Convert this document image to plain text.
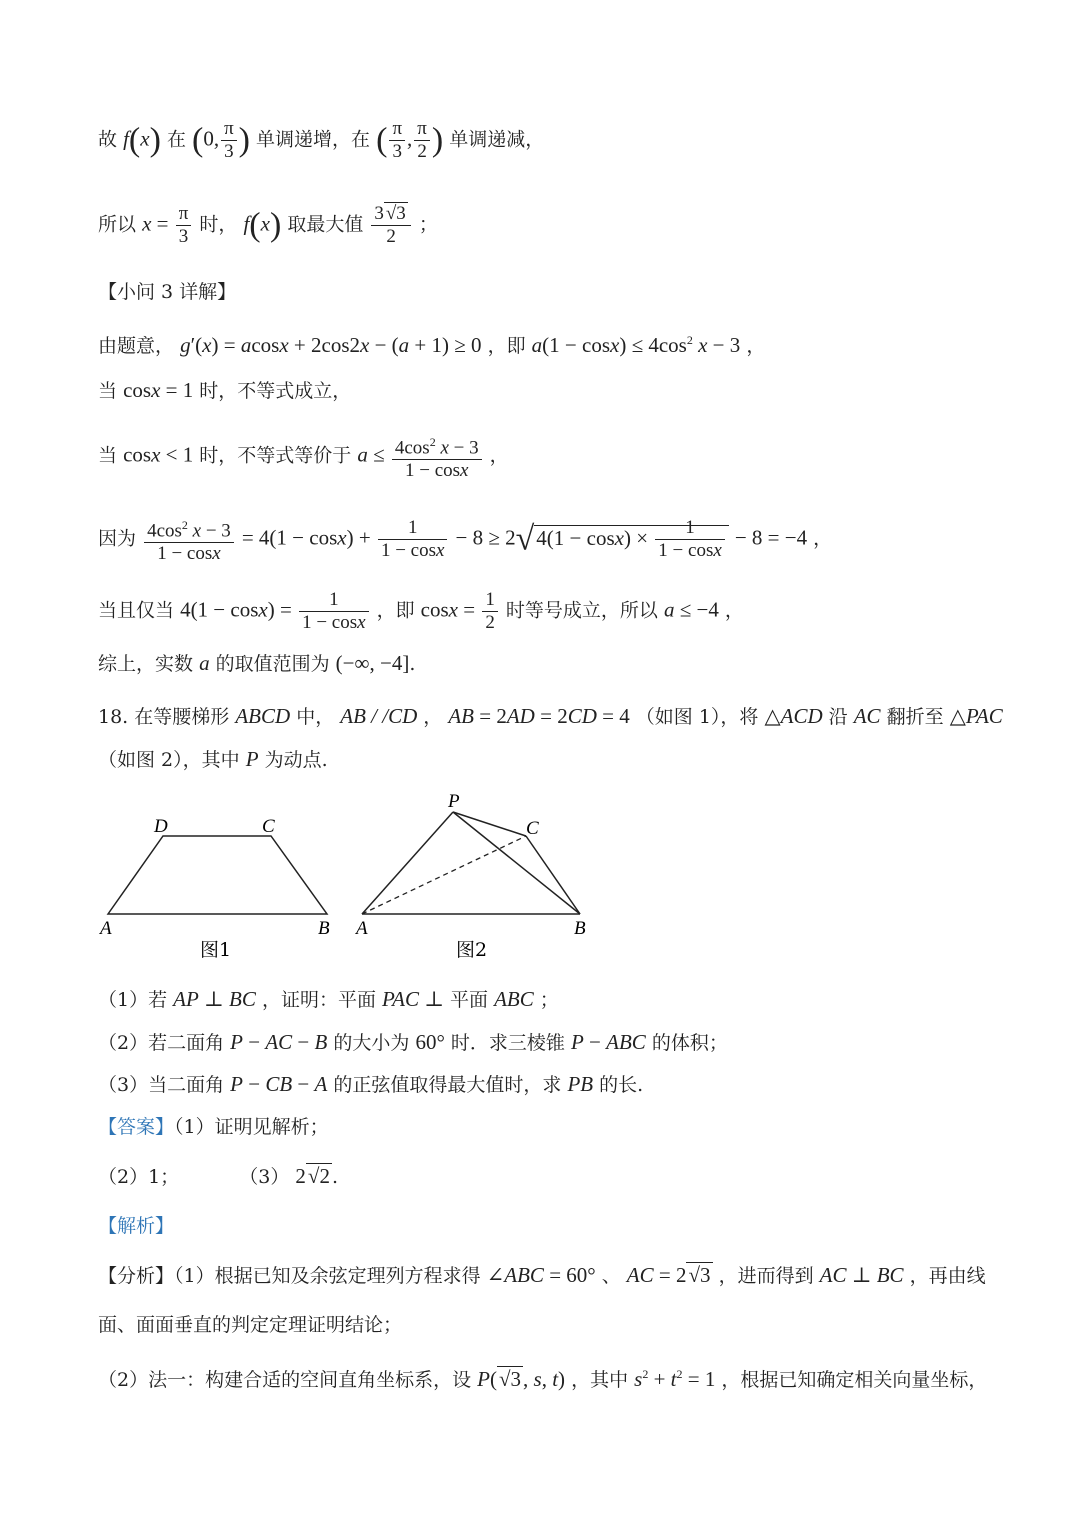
故 f(x) 在 (0, $\frac{\pi}{3}$ ) 单调递增，在 ( $\frac{\pi}{3}$ , $\frac{\pi}{2}$ ) 单调递减，
所以 $x = \frac{\pi}{3}$ 时， f(x) 取最大值 $\frac{3 √3}{2}$ ；
【小问 3 详解】
由题意， g′(x) = acosx + 2cos2x − (a + 1) ≥ 0 ，即 $a(1 - \cos x) \le 4\cos^2$ x − 3 ，
当 cosx = 1 时，不等式成立，
当 cosx < 1 时，不等式等价于 $a \le \frac{4\cos^2 x - 3}{1 - \cos x}$ ，
因为 $\frac{4\cos^2 x - 3}{1 - \cos x} = 4(1 - \cos x) + \frac{1}{1 - \cos x} - 8 \ge 2√4(1 - \cos x) \times \frac{1}{1 - \cos x} - 8 = -4$ ，
当且仅当 $4(1 - \cos x) = \frac{1}{1 - \cos x}$ ，即 $\cos x = \frac{1}{2}$ 时等号成立，所以 a ≤ −4 ，
综上，实数 a 的取值范围为 (−∞, −4].
18. 在等腰梯形 ABCD 中， AB / /CD ， AB = 2AD = 2CD = 4 （如图 1），将 △ACD 沿 AC 翻折至 △PAC
（如图 2），其中 P 为动点.
D	C
A	B
图1
P
C
A	B
图2
（1）若 AP ⊥ BC ，证明：平面 PAC ⊥ 平面 ABC ；
（2）若二面角 P − AC − B 的大小为 60° 时．求三棱锥 P − ABC 的体积；
（3）当二面角 P − CB − A 的正弦值取得最大值时，求 PB 的长.
【答案】（1）证明见解析；
（2）1；	（3） 2√2 .
【解析】
【分析】（1）根据已知及余弦定理列方程求得 ∠ABC = 60° 、 AC = 2√3 ，进而得到 AC ⊥ BC ，再由线
面、面面垂直的判定定理证明结论；
（2）法一：构建合适的空间直角坐标系，设 P(√3, s, t) ，其中 $s^2 + t^2 = 1$ ，根据已知确定相关向量坐标，
